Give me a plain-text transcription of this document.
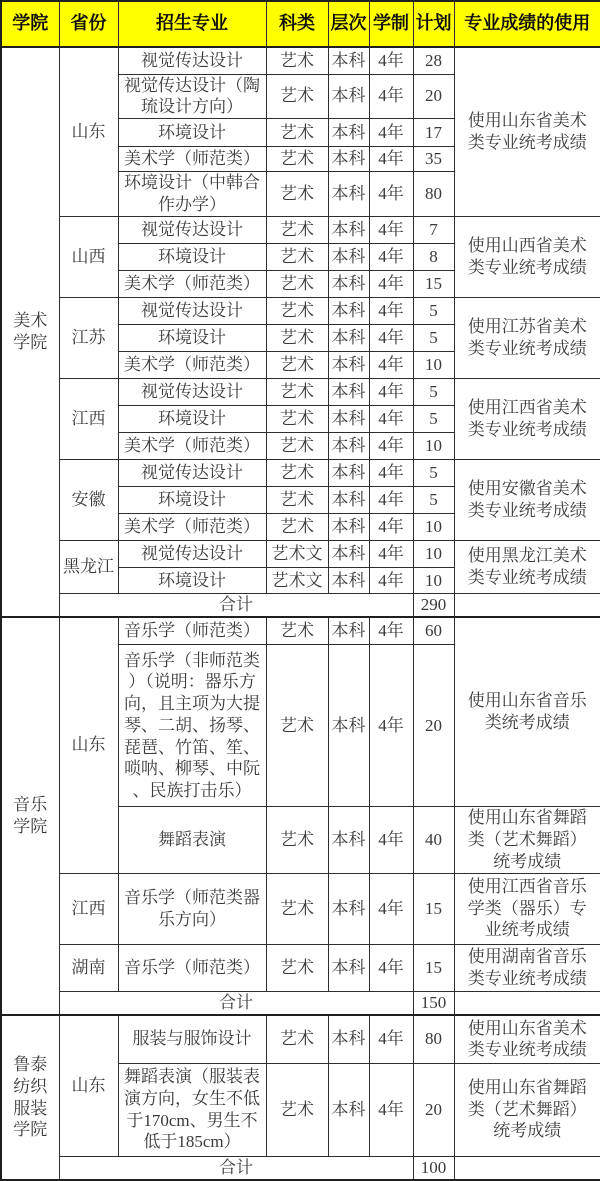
学院	省份	招生专业	科类	层次	学制	计划	专业成绩的使用
美术学院	山东	视觉传达设计	艺术	本科	4年	28	使用山东省美术类专业统考成绩
		视觉传达设计（陶琉设计方向）	艺术	本科	4年	20	
		环境设计	艺术	本科	4年	17	
		美术学（师范类）	艺术	本科	4年	35	
		环境设计（中韩合作办学）	艺术	本科	4年	80	
	山西	视觉传达设计	艺术	本科	4年	7	使用山西省美术类专业统考成绩
		环境设计	艺术	本科	4年	8	
		美术学（师范类）	艺术	本科	4年	15	
	江苏	视觉传达设计	艺术	本科	4年	5	使用江苏省美术类专业统考成绩
		环境设计	艺术	本科	4年	5	
		美术学（师范类）	艺术	本科	4年	10	
	江西	视觉传达设计	艺术	本科	4年	5	使用江西省美术类专业统考成绩
		环境设计	艺术	本科	4年	5	
		美术学（师范类）	艺术	本科	4年	10	
	安徽	视觉传达设计	艺术	本科	4年	5	使用安徽省美术类专业统考成绩
		环境设计	艺术	本科	4年	5	
		美术学（师范类）	艺术	本科	4年	10	
	黑龙江	视觉传达设计	艺术文	本科	4年	10	使用黑龙江美术类专业统考成绩
		环境设计	艺术文	本科	4年	10	
	合计					290	
音乐学院	山东	音乐学（师范类）	艺术	本科	4年	60	使用山东省音乐类统考成绩
		音乐学（非师范类）（说明：器乐方向，且主项为大提琴、二胡、扬琴、琵琶、竹笛、笙、唢呐、柳琴、中阮、民族打击乐）	艺术	本科	4年	20	
		舞蹈表演	艺术	本科	4年	40	使用山东省舞蹈类（艺术舞蹈）统考成绩
	江西	音乐学（师范类器乐方向）	艺术	本科	4年	15	使用江西省音乐学类（器乐）专业统考成绩
	湖南	音乐学（师范类）	艺术	本科	4年	15	使用湖南省音乐类专业统考成绩
	合计					150	
鲁泰纺织服装学院	山东	服装与服饰设计	艺术	本科	4年	80	使用山东省美术类专业统考成绩
		舞蹈表演（服装表演方向，女生不低于170cm、男生不低于185cm）	艺术	本科	4年	20	使用山东省舞蹈类（艺术舞蹈）统考成绩
	合计					100	
